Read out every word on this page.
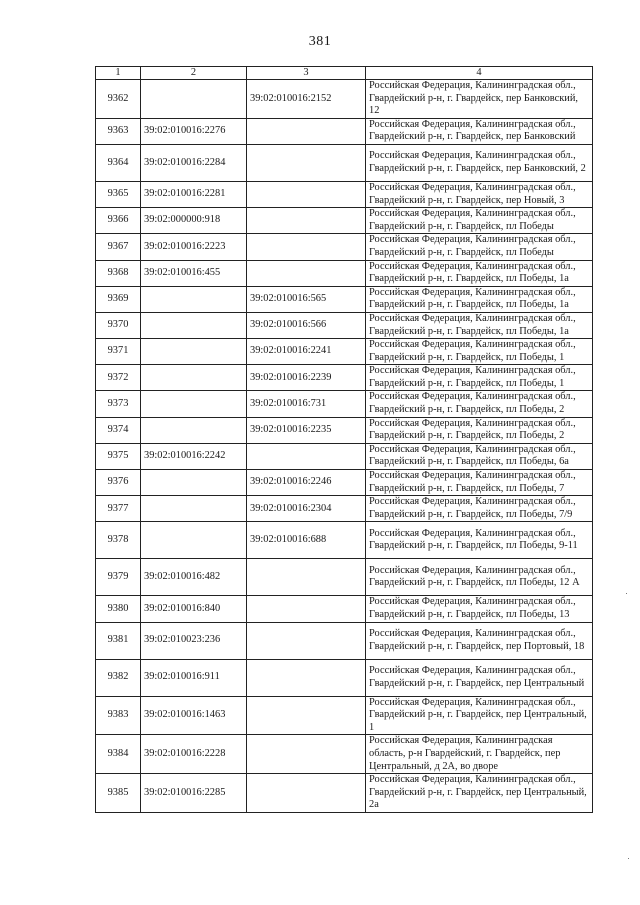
381
1	2	3	4
9362		39:02:010016:2152	Российская Федерация, Калининградская обл., Гвардейский р-н, г. Гвардейск, пер Банковский, 12
9363	39:02:010016:2276		Российская Федерация, Калининградская обл., Гвардейский р-н, г. Гвардейск, пер Банковский
9364	39:02:010016:2284		Российская Федерация, Калининградская обл., Гвардейский р-н, г. Гвардейск, пер Банковский, 2
9365	39:02:010016:2281		Российская Федерация, Калининградская обл., Гвардейский р-н, г. Гвардейск, пер Новый, 3
9366	39:02:000000:918		Российская Федерация, Калининградская обл., Гвардейский р-н, г. Гвардейск, пл Победы
9367	39:02:010016:2223		Российская Федерация, Калининградская обл., Гвардейский р-н, г. Гвардейск, пл Победы
9368	39:02:010016:455		Российская Федерация, Калининградская обл., Гвардейский р-н, г. Гвардейск, пл Победы, 1а
9369		39:02:010016:565	Российская Федерация, Калининградская обл., Гвардейский р-н, г. Гвардейск, пл Победы, 1а
9370		39:02:010016:566	Российская Федерация, Калининградская обл., Гвардейский р-н, г. Гвардейск, пл Победы, 1а
9371		39:02:010016:2241	Российская Федерация, Калининградская обл., Гвардейский р-н, г. Гвардейск, пл Победы, 1
9372		39:02:010016:2239	Российская Федерация, Калининградская обл., Гвардейский р-н, г. Гвардейск, пл Победы, 1
9373		39:02:010016:731	Российская Федерация, Калининградская обл., Гвардейский р-н, г. Гвардейск, пл Победы, 2
9374		39:02:010016:2235	Российская Федерация, Калининградская обл., Гвардейский р-н, г. Гвардейск, пл Победы, 2
9375	39:02:010016:2242		Российская Федерация, Калининградская обл., Гвардейский р-н, г. Гвардейск, пл Победы, 6а
9376		39:02:010016:2246	Российская Федерация, Калининградская обл., Гвардейский р-н, г. Гвардейск, пл Победы, 7
9377		39:02:010016:2304	Российская Федерация, Калининградская обл., Гвардейский р-н, г. Гвардейск, пл Победы, 7/9
9378		39:02:010016:688	Российская Федерация, Калининградская обл., Гвардейский р-н, г. Гвардейск, пл Победы, 9-11
9379	39:02:010016:482		Российская Федерация, Калининградская обл., Гвардейский р-н, г. Гвардейск, пл Победы, 12 А
9380	39:02:010016:840		Российская Федерация, Калининградская обл., Гвардейский р-н, г. Гвардейск, пл Победы, 13
9381	39:02:010023:236		Российская Федерация, Калининградская обл., Гвардейский р-н, г. Гвардейск, пер Портовый, 18
9382	39:02:010016:911		Российская Федерация, Калининградская обл., Гвардейский р-н, г. Гвардейск, пер Центральный
9383	39:02:010016:1463		Российская Федерация, Калининградская обл., Гвардейский р-н, г. Гвардейск, пер Центральный, 1
9384	39:02:010016:2228		Российская Федерация, Калининградская область, р-н Гвардейский, г. Гвардейск, пер Центральный, д 2А, во дворе
9385	39:02:010016:2285		Российская Федерация, Калининградская обл., Гвардейский р-н, г. Гвардейск, пер Центральный, 2а
